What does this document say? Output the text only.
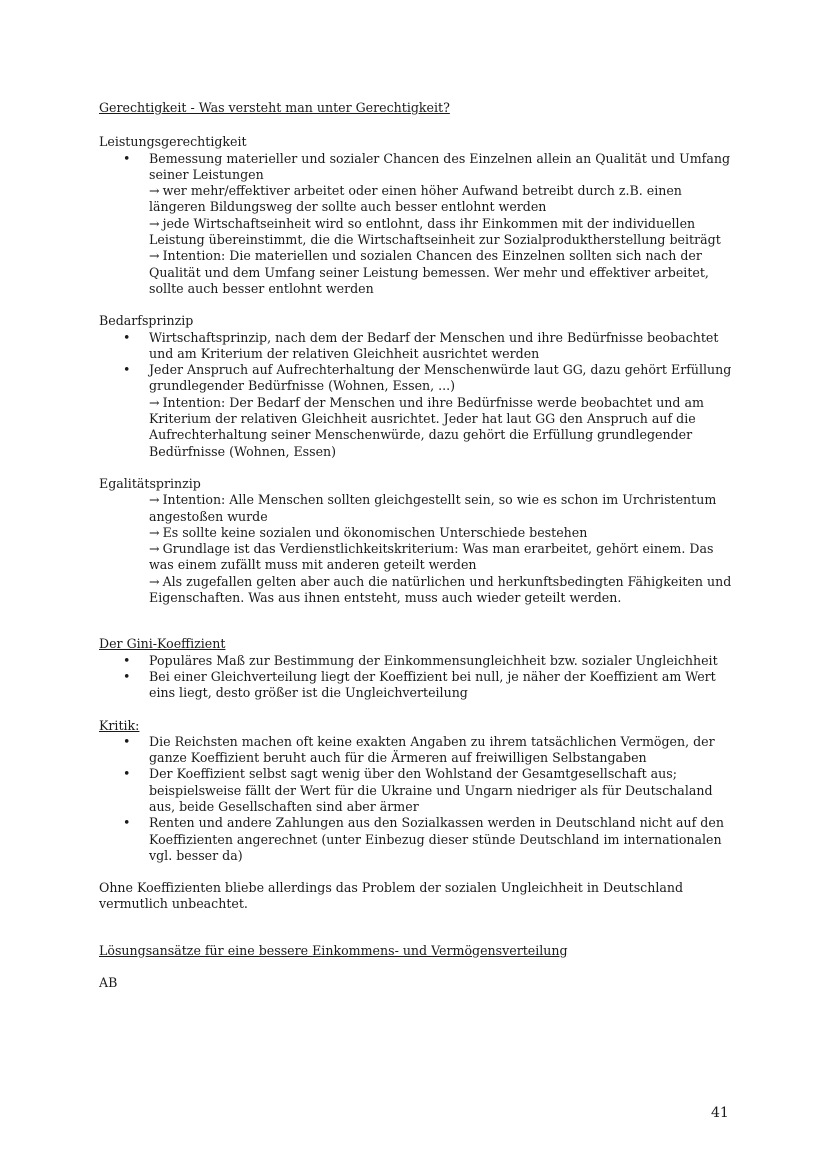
Gerechtigkeit - Was versteht man unter Gerechtigkeit?
Leistungsgerechtigkeit
• Bemessung materieller und sozialer Chancen des Einzelnen allein an Qualität und Umfang seiner Leistungen
→ wer mehr/effektiver arbeitet oder einen höher Aufwand betreibt durch z.B. einen längeren Bildungsweg der sollte auch besser entlohnt werden
→ jede Wirtschaftseinheit wird so entlohnt, dass ihr Einkommen mit der individuellen Leistung übereinstimmt, die die Wirtschaftseinheit zur Sozialproduktherstellung beiträgt
→ Intention: Die materiellen und sozialen Chancen des Einzelnen sollten sich nach der Qualität und dem Umfang seiner Leistung bemessen. Wer mehr und effektiver arbeitet, sollte auch besser entlohnt werden
Bedarfsprinzip
• Wirtschaftsprinzip, nach dem der Bedarf der Menschen und ihre Bedürfnisse beobachtet und am Kriterium der relativen Gleichheit ausrichtet werden
• Jeder Anspruch auf Aufrechterhaltung der Menschenwürde laut GG, dazu gehört Erfüllung grundlegender Bedürfnisse (Wohnen, Essen, ...)
→ Intention: Der Bedarf der Menschen und ihre Bedürfnisse werde beobachtet und am Kriterium der relativen Gleichheit ausrichtet. Jeder hat laut GG den Anspruch auf die Aufrechterhaltung seiner Menschenwürde, dazu gehört die Erfüllung grundlegender Bedürfnisse (Wohnen, Essen)
Egalitätsprinzip
→ Intention: Alle Menschen sollten gleichgestellt sein, so wie es schon im Urchristentum angestoßen wurde
→ Es sollte keine sozialen und ökonomischen Unterschiede bestehen
→ Grundlage ist das Verdienstlichkeitskriterium: Was man erarbeitet, gehört einem. Das was einem zufällt muss mit anderen geteilt werden
→ Als zugefallen gelten aber auch die natürlichen und herkunftsbedingten Fähigkeiten und Eigenschaften. Was aus ihnen entsteht, muss auch wieder geteilt werden.
Der Gini-Koeffizient
• Populäres Maß zur Bestimmung der Einkommensungleichheit bzw. sozialer Ungleichheit
• Bei einer Gleichverteilung liegt der Koeffizient bei null, je näher der Koeffizient am Wert eins liegt, desto größer ist die Ungleichverteilung
Kritik:
• Die Reichsten machen oft keine exakten Angaben zu ihrem tatsächlichen Vermögen, der ganze Koeffizient beruht auch für die Ärmeren auf freiwilligen Selbstangaben
• Der Koeffizient selbst sagt wenig über den Wohlstand der Gesamtgesellschaft aus; beispielsweise fällt der Wert für die Ukraine und Ungarn niedriger als für Deutschaland aus, beide Gesellschaften sind aber ärmer
• Renten und andere Zahlungen aus den Sozialkassen werden in Deutschland nicht auf den Koeffizienten angerechnet (unter Einbezug dieser stünde Deutschland im internationalen vgl. besser da)
Ohne Koeffizienten bliebe allerdings das Problem der sozialen Ungleichheit in Deutschland vermutlich unbeachtet.
Lösungsansätze für eine bessere Einkommens- und Vermögensverteilung
AB
41
